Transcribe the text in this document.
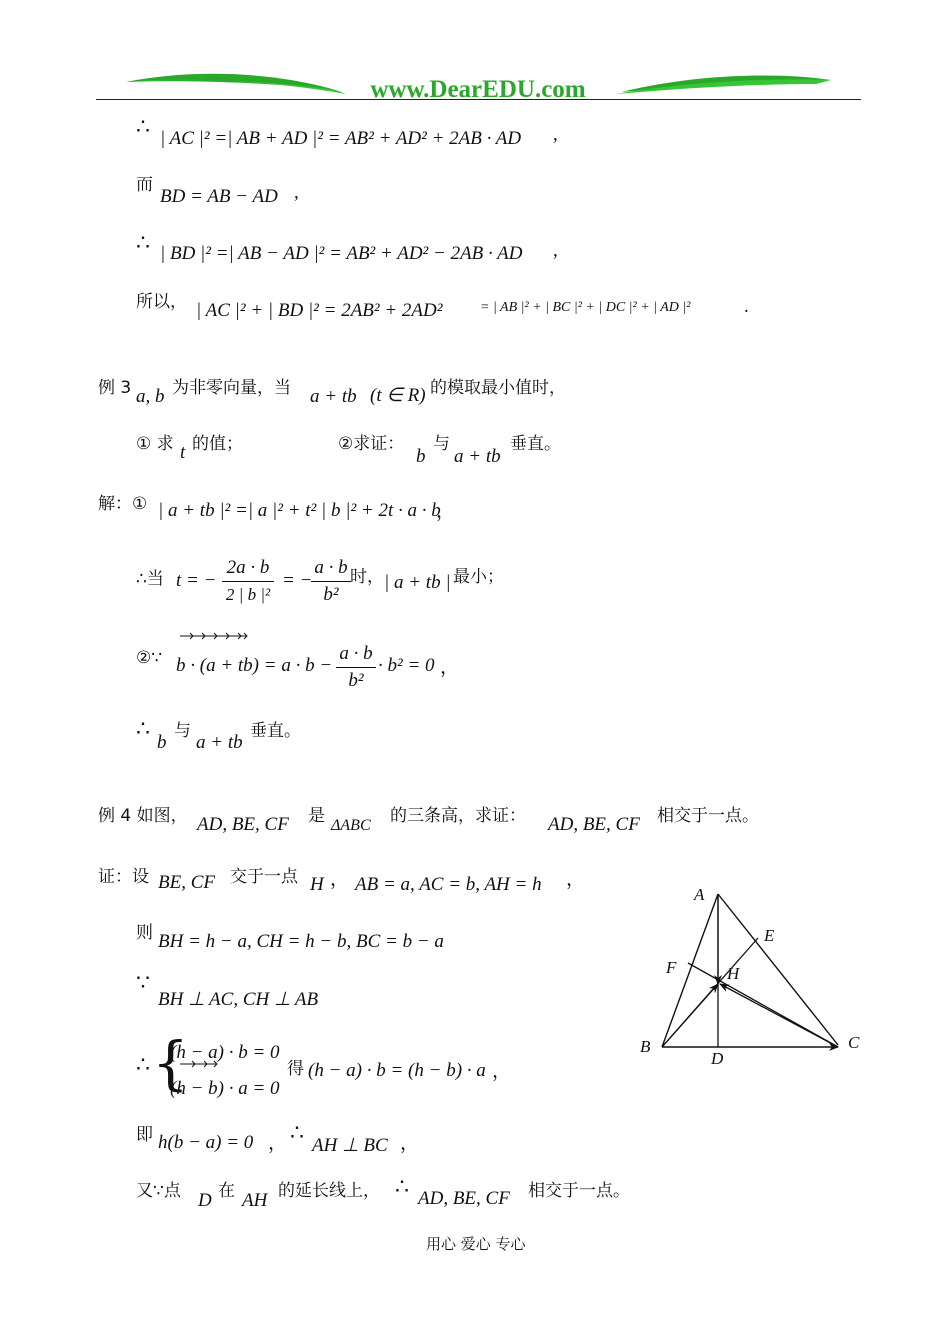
www.DearEDU.com
∴ | AC |² =| AB + AD |² = AB² + AD² + 2AB · AD ,
而
BD = AB − AD ,
∴ | BD |² =| AB − AD |² = AB² + AD² − 2AB · AD ,
所以， | AC |² + | BD |² = 2AB² + 2AD²	= | AB |² + | BC |² + | DC |² + | AD |²	.
例 3 a, b 为非零向量，当 a + tb (t ∈ R) 的模取最小值时，
① 求 t 的值；	②求证：
b
与
a + tb
垂直。
解：① | a + tb |² =| a |² + t² | b |² + 2t · a · b
，
∴当 t = −
2a · b
2 | b |²
= −
a · b
b²
时， | a + tb | 最小；
②∵ b · (a + tb) = a · b −
a · b
b²
· b² = 0 ，
∴
b
与
a + tb
垂直。
例 4 如图， AD, BE, CF 是 ΔABC 的三条高，求证： AD, BE, CF 相交于一点。
证：设 BE, CF 交于一点 H ， AB = a, AC = b, AH = h ，
则 BH = h − a, CH = h − b, BC = b − a
∵
BH ⊥ AC, CH ⊥ AB
∴ {
(h − a) · b = 0
(h − b) · a = 0
得 (h − a) · b = (h − b) · a ，
即 h(b − a) = 0 ， ∴
AH ⊥ BC ，
又∵点 D 在 AH 的延长线上， ∴ AD, BE, CF 相交于一点。
A
B	C
D
E
F	H
用心 爱心 专心
